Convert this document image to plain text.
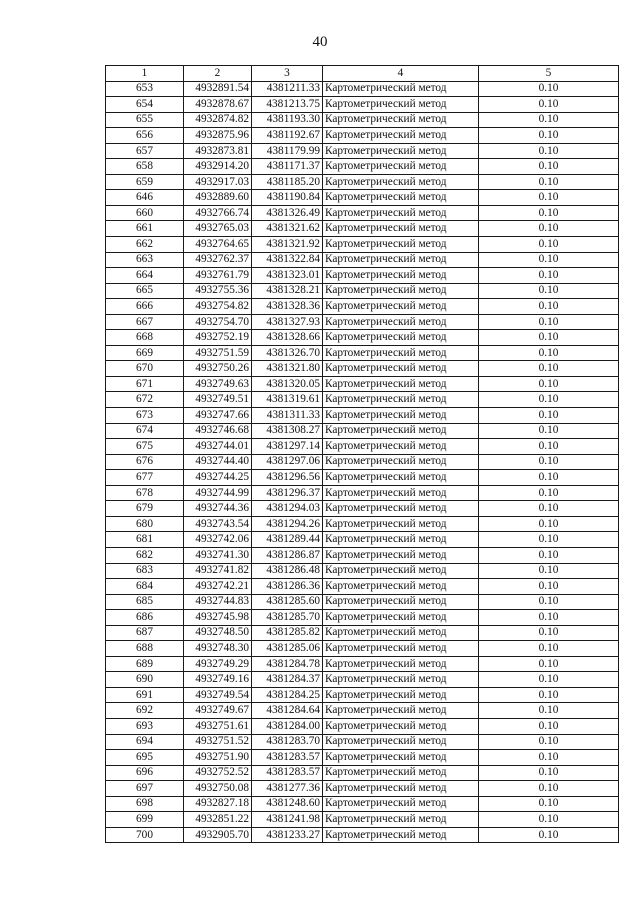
40
1	2	3	4	5
653	4932891.54	4381211.33	Картометрический метод	0.10
654	4932878.67	4381213.75	Картометрический метод	0.10
655	4932874.82	4381193.30	Картометрический метод	0.10
656	4932875.96	4381192.67	Картометрический метод	0.10
657	4932873.81	4381179.99	Картометрический метод	0.10
658	4932914.20	4381171.37	Картометрический метод	0.10
659	4932917.03	4381185.20	Картометрический метод	0.10
646	4932889.60	4381190.84	Картометрический метод	0.10
660	4932766.74	4381326.49	Картометрический метод	0.10
661	4932765.03	4381321.62	Картометрический метод	0.10
662	4932764.65	4381321.92	Картометрический метод	0.10
663	4932762.37	4381322.84	Картометрический метод	0.10
664	4932761.79	4381323.01	Картометрический метод	0.10
665	4932755.36	4381328.21	Картометрический метод	0.10
666	4932754.82	4381328.36	Картометрический метод	0.10
667	4932754.70	4381327.93	Картометрический метод	0.10
668	4932752.19	4381328.66	Картометрический метод	0.10
669	4932751.59	4381326.70	Картометрический метод	0.10
670	4932750.26	4381321.80	Картометрический метод	0.10
671	4932749.63	4381320.05	Картометрический метод	0.10
672	4932749.51	4381319.61	Картометрический метод	0.10
673	4932747.66	4381311.33	Картометрический метод	0.10
674	4932746.68	4381308.27	Картометрический метод	0.10
675	4932744.01	4381297.14	Картометрический метод	0.10
676	4932744.40	4381297.06	Картометрический метод	0.10
677	4932744.25	4381296.56	Картометрический метод	0.10
678	4932744.99	4381296.37	Картометрический метод	0.10
679	4932744.36	4381294.03	Картометрический метод	0.10
680	4932743.54	4381294.26	Картометрический метод	0.10
681	4932742.06	4381289.44	Картометрический метод	0.10
682	4932741.30	4381286.87	Картометрический метод	0.10
683	4932741.82	4381286.48	Картометрический метод	0.10
684	4932742.21	4381286.36	Картометрический метод	0.10
685	4932744.83	4381285.60	Картометрический метод	0.10
686	4932745.98	4381285.70	Картометрический метод	0.10
687	4932748.50	4381285.82	Картометрический метод	0.10
688	4932748.30	4381285.06	Картометрический метод	0.10
689	4932749.29	4381284.78	Картометрический метод	0.10
690	4932749.16	4381284.37	Картометрический метод	0.10
691	4932749.54	4381284.25	Картометрический метод	0.10
692	4932749.67	4381284.64	Картометрический метод	0.10
693	4932751.61	4381284.00	Картометрический метод	0.10
694	4932751.52	4381283.70	Картометрический метод	0.10
695	4932751.90	4381283.57	Картометрический метод	0.10
696	4932752.52	4381283.57	Картометрический метод	0.10
697	4932750.08	4381277.36	Картометрический метод	0.10
698	4932827.18	4381248.60	Картометрический метод	0.10
699	4932851.22	4381241.98	Картометрический метод	0.10
700	4932905.70	4381233.27	Картометрический метод	0.10
